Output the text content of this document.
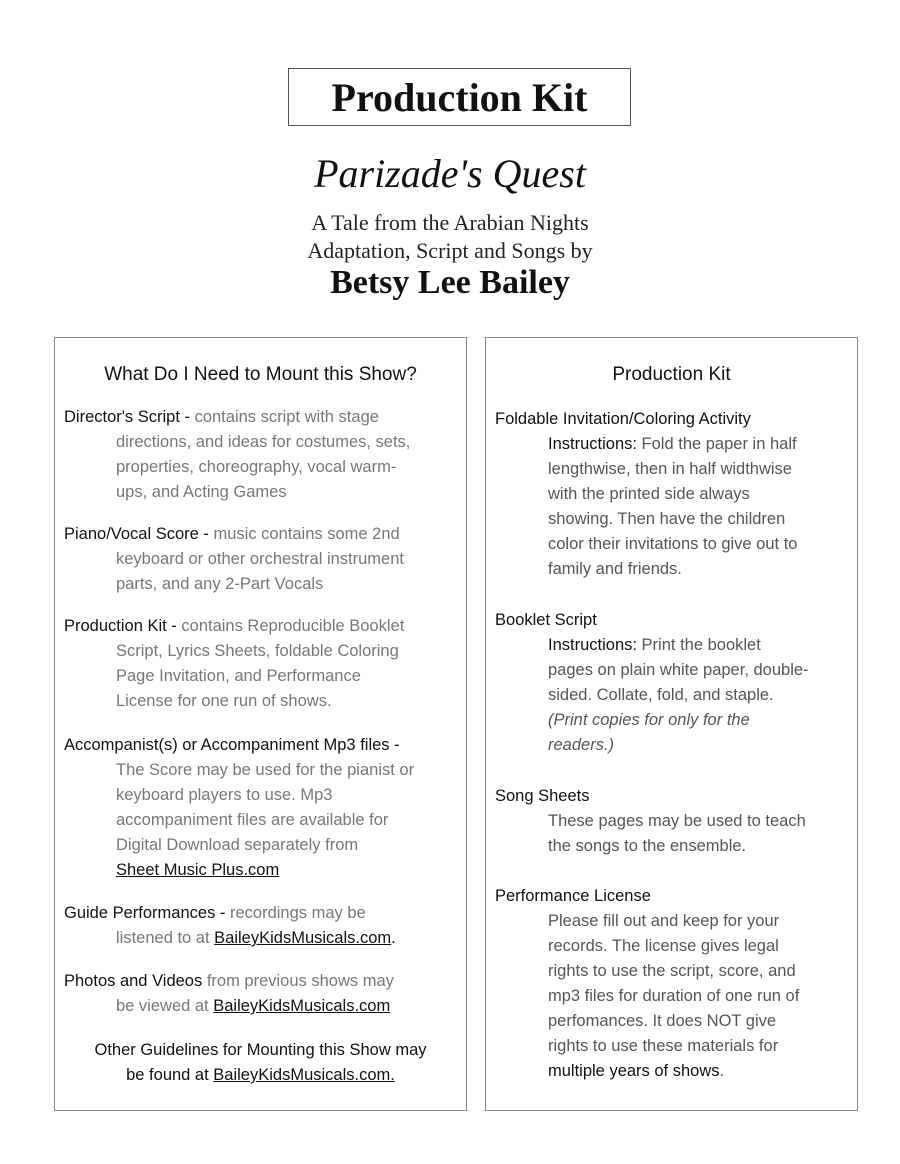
Production Kit
Parizade's Quest
A Tale from the Arabian Nights
Adaptation, Script and Songs by
Betsy Lee Bailey
What Do I Need to Mount this Show?
Director's Script - contains script with stage
directions, and ideas for costumes, sets,
properties, choreography, vocal warm-
ups, and Acting Games
Piano/Vocal Score - music contains some 2nd
keyboard or other orchestral instrument
parts, and any 2-Part Vocals
Production Kit - contains Reproducible Booklet
Script, Lyrics Sheets, foldable Coloring
Page Invitation, and Performance
License for one run of shows.
Accompanist(s) or Accompaniment Mp3 files -
The Score may be used for the pianist or
keyboard players to use. Mp3
accompaniment files are available for
Digital Download separately from
Sheet Music Plus.com
Guide Performances - recordings may be
listened to at BaileyKidsMusicals.com.
Photos and Videos from previous shows may
be viewed at BaileyKidsMusicals.com
Other Guidelines for Mounting this Show may
be found at BaileyKidsMusicals.com.
Production Kit
Foldable Invitation/Coloring Activity
Instructions: Fold the paper in half
lengthwise, then in half widthwise
with the printed side always
showing. Then have the children
color their invitations to give out to
family and friends.
Booklet Script
Instructions: Print the booklet
pages on plain white paper, double-
sided. Collate, fold, and staple.
(Print copies for only for the
readers.)
Song Sheets
These pages may be used to teach
the songs to the ensemble.
Performance License
Please fill out and keep for your
records. The license gives legal
rights to use the script, score, and
mp3 files for duration of one run of
perfomances. It does NOT give
rights to use these materials for
multiple years of shows.
